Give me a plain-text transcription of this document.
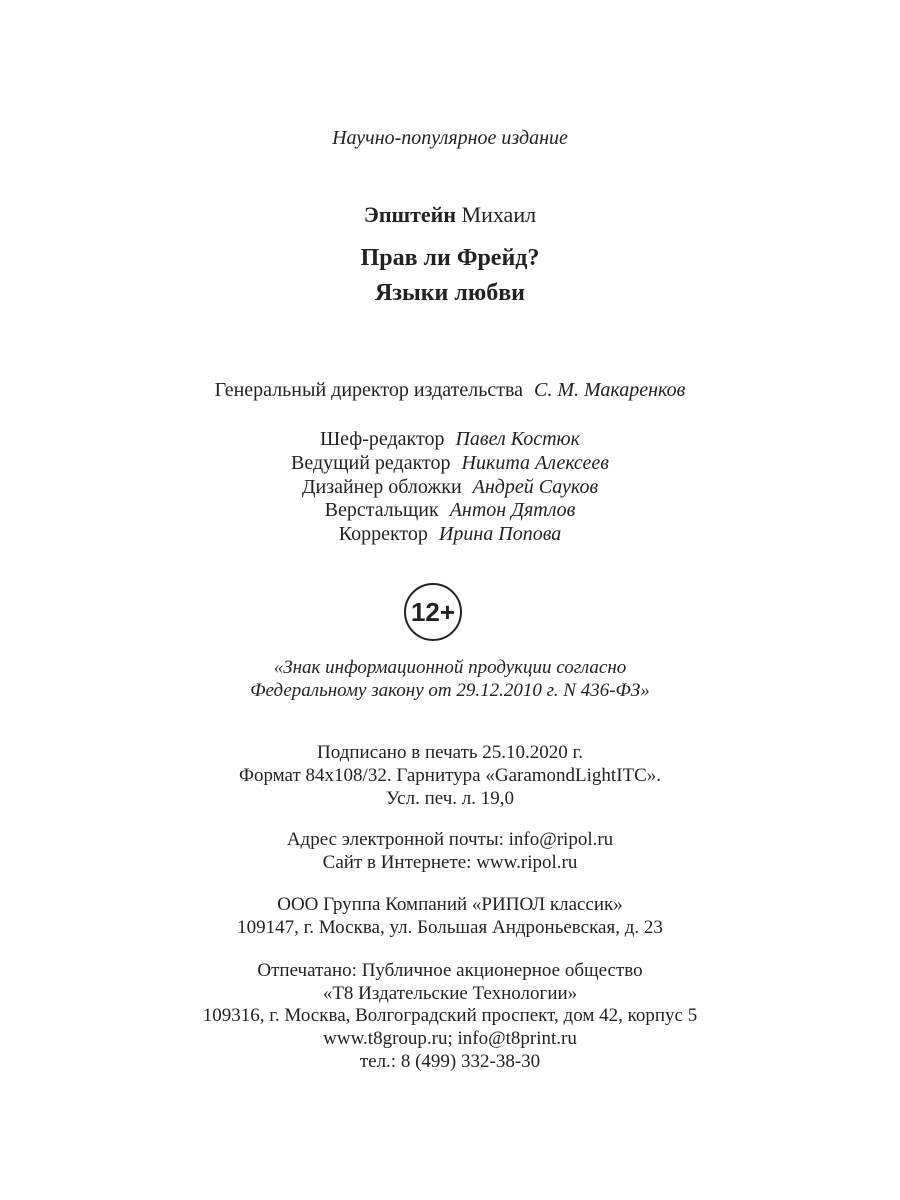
Научно-популярное издание
Эпштейн Михаил
Прав ли Фрейд?
Языки любви
Генеральный директор издательства С. М. Макаренков
Шеф-редактор Павел Костюк
Ведущий редактор Никита Алексеев
Дизайнер обложки Андрей Сауков
Верстальщик Антон Дятлов
Корректор Ирина Попова
12+
«Знак информационной продукции согласно
Федеральному закону от 29.12.2010 г. N 436-ФЗ»
Подписано в печать 25.10.2020 г.
Формат 84х108/32. Гарнитура «GaramondLightITC».
Усл. печ. л. 19,0
Адрес электронной почты: info@ripol.ru
Сайт в Интернете: www.ripol.ru
ООО Группа Компаний «РИПОЛ классик»
109147, г. Москва, ул. Большая Андроньевская, д. 23
Отпечатано: Публичное акционерное общество
«Т8 Издательские Технологии»
109316, г. Москва, Волгоградский проспект, дом 42, корпус 5
www.t8group.ru; info@t8print.ru
тел.: 8 (499) 332-38-30
